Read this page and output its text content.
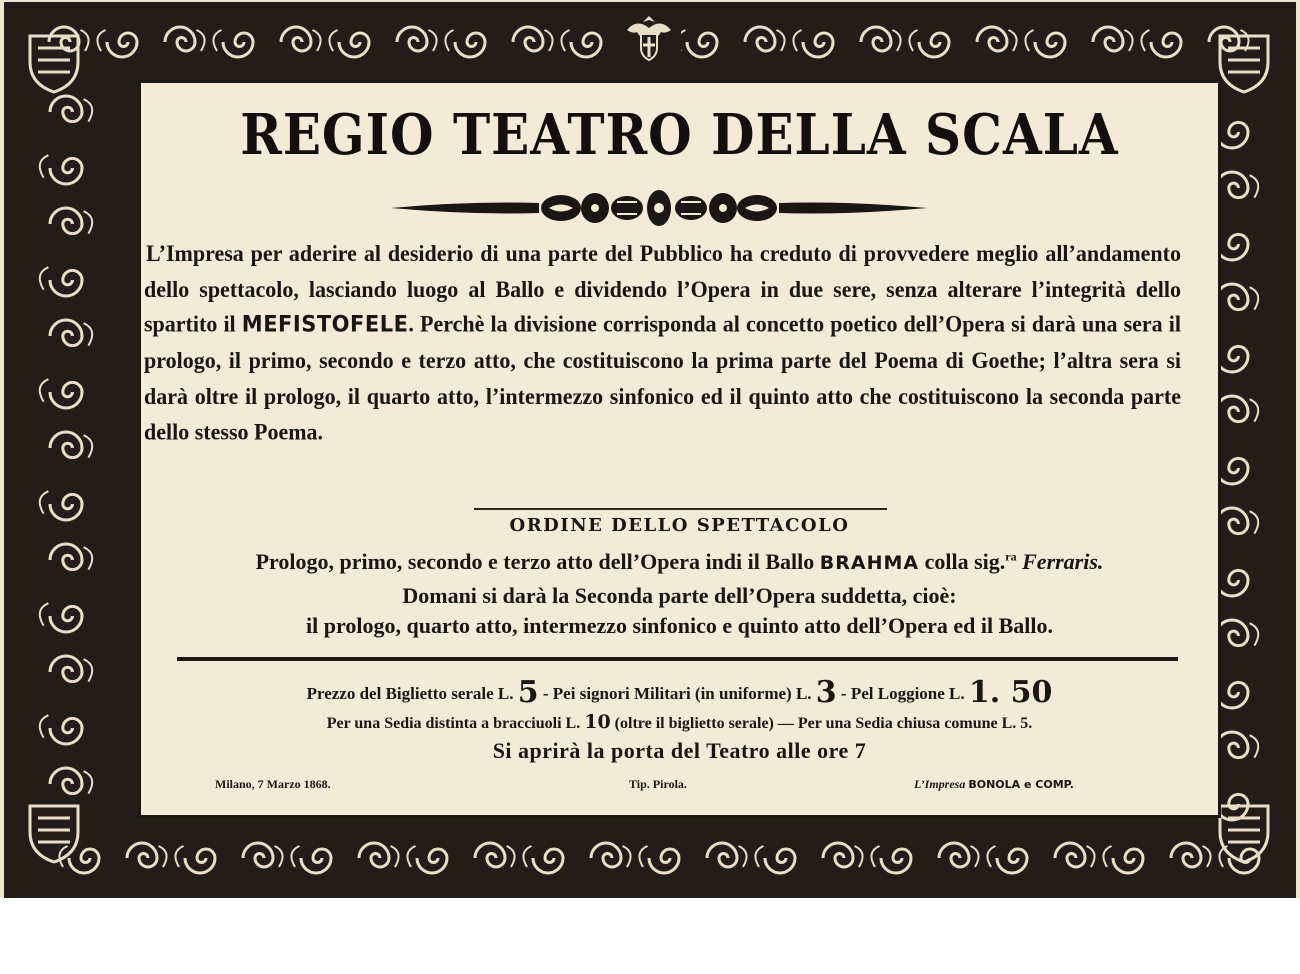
REGIO TEATRO DELLA SCALA

L’Impresa per aderire al desiderio di una parte del Pubblico ha creduto di provvedere meglio all’andamento dello spettacolo, lasciando luogo al Ballo e dividendo l’Opera in due sere, senza alterare l’integrità dello spartito il MEFISTOFELE. Perchè la divisione corrisponda al concetto poetico dell’Opera si darà una sera il prologo, il primo, secondo e terzo atto, che costituiscono la prima parte del Poema di Goethe; l’altra sera si darà oltre il prologo, il quarto atto, l’intermezzo sinfonico ed il quinto atto che costituiscono la seconda parte dello stesso Poema.

ORDINE DELLO SPETTACOLO
Prologo, primo, secondo e terzo atto dell’Opera indi il Ballo BRAHMA colla sig.$^{ra}$ Ferraris.
Domani si darà la Seconda parte dell’Opera suddetta, cioè:
il prologo, quarto atto, intermezzo sinfonico e quinto atto dell’Opera ed il Ballo.
Prezzo del Biglietto serale L. 5 - Pei signori Militari (in uniforme) L. 3 - Pel Loggione L. 1. 50
Per una Sedia distinta a bracciuoli L. 10 (oltre il biglietto serale) — Per una Sedia chiusa comune L. 5.
Si aprirà la porta del Teatro alle ore 7
Milano, 7 Marzo 1868.	Tip. Pirola.	L’Impresa BONOLA e COMP.
